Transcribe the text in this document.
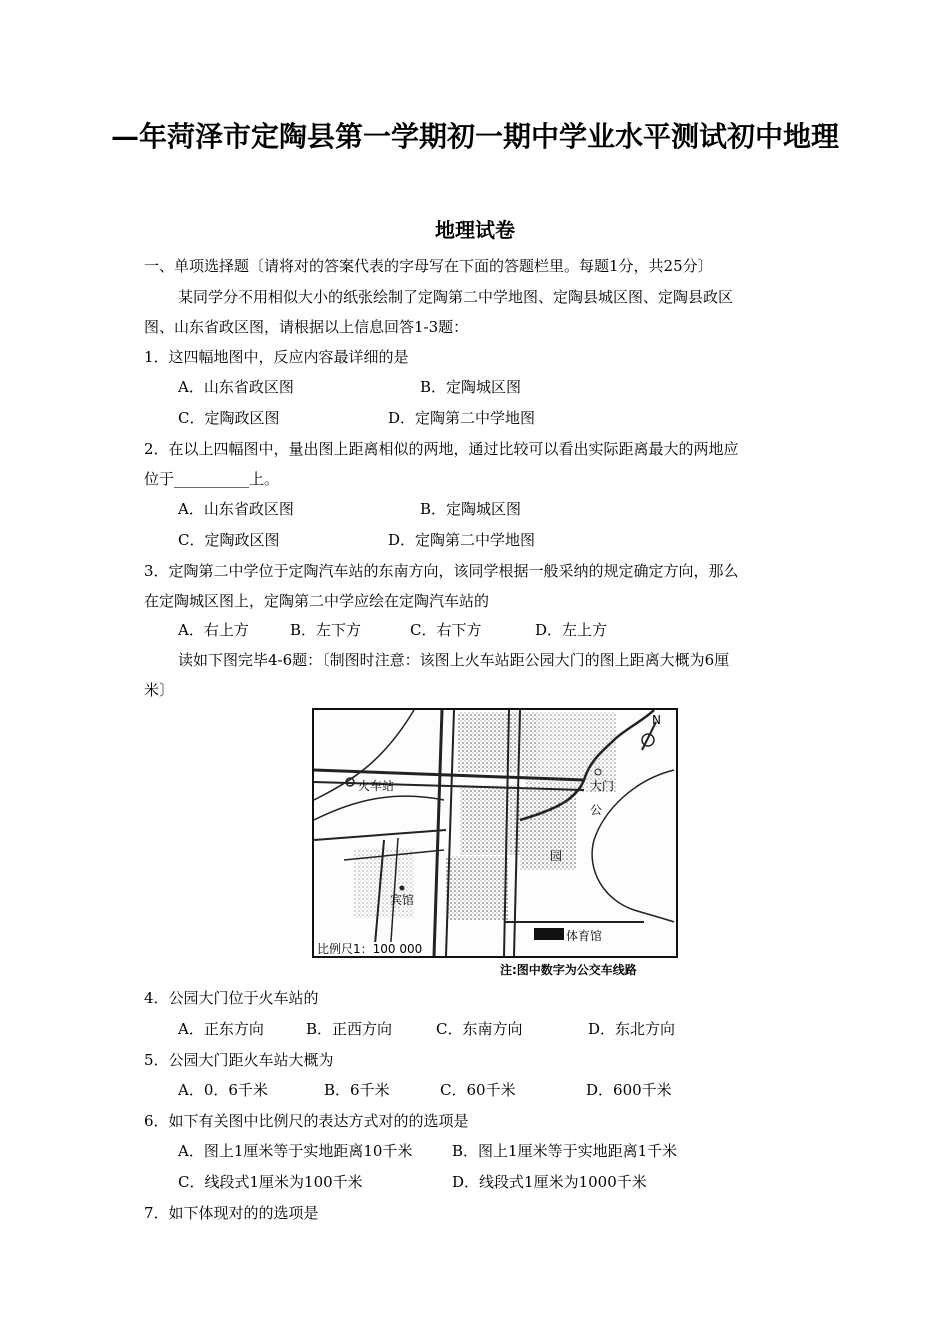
—年菏泽市定陶县第一学期初一期中学业水平测试初中地理
地理试卷
一、单项选择题〔请将对的答案代表的字母写在下面的答题栏里。每题1分，共25分〕
某同学分不用相似大小的纸张绘制了定陶第二中学地图、定陶县城区图、定陶县政区
图、山东省政区图，请根据以上信息回答1-3题：
1．这四幅地图中，反应内容最详细的是
A．山东省政区图	B．定陶城区图
C．定陶政区图	D．定陶第二中学地图
2．在以上四幅图中，量出图上距离相似的两地，通过比较可以看出实际距离最大的两地应
位于__________上。
A．山东省政区图	B．定陶城区图
C．定陶政区图	D．定陶第二中学地图
3．定陶第二中学位于定陶汽车站的东南方向，该同学根据一般采纳的规定确定方向，那么
在定陶城区图上，定陶第二中学应绘在定陶汽车站的
A．右上方	B．左下方	C．右下方	D．左上方
读如下图完毕4-6题：〔制图时注意：该图上火车站距公园大门的图上距离大概为6厘
米〕
N
火车站	大门
公
园
宾馆
体育馆
比例尺1：100 000
注:图中数字为公交车线路
4．公园大门位于火车站的
A．正东方向	B．正西方向	C．东南方向	D．东北方向
5．公园大门距火车站大概为
A．0．6千米	B．6千米	C．60千米	D．600千米
6．如下有关图中比例尺的表达方式对的的选项是
A．图上1厘米等于实地距离10千米	B．图上1厘米等于实地距离1千米
C．线段式1厘米为100千米	D．线段式1厘米为1000千米
7．如下体现对的的选项是
